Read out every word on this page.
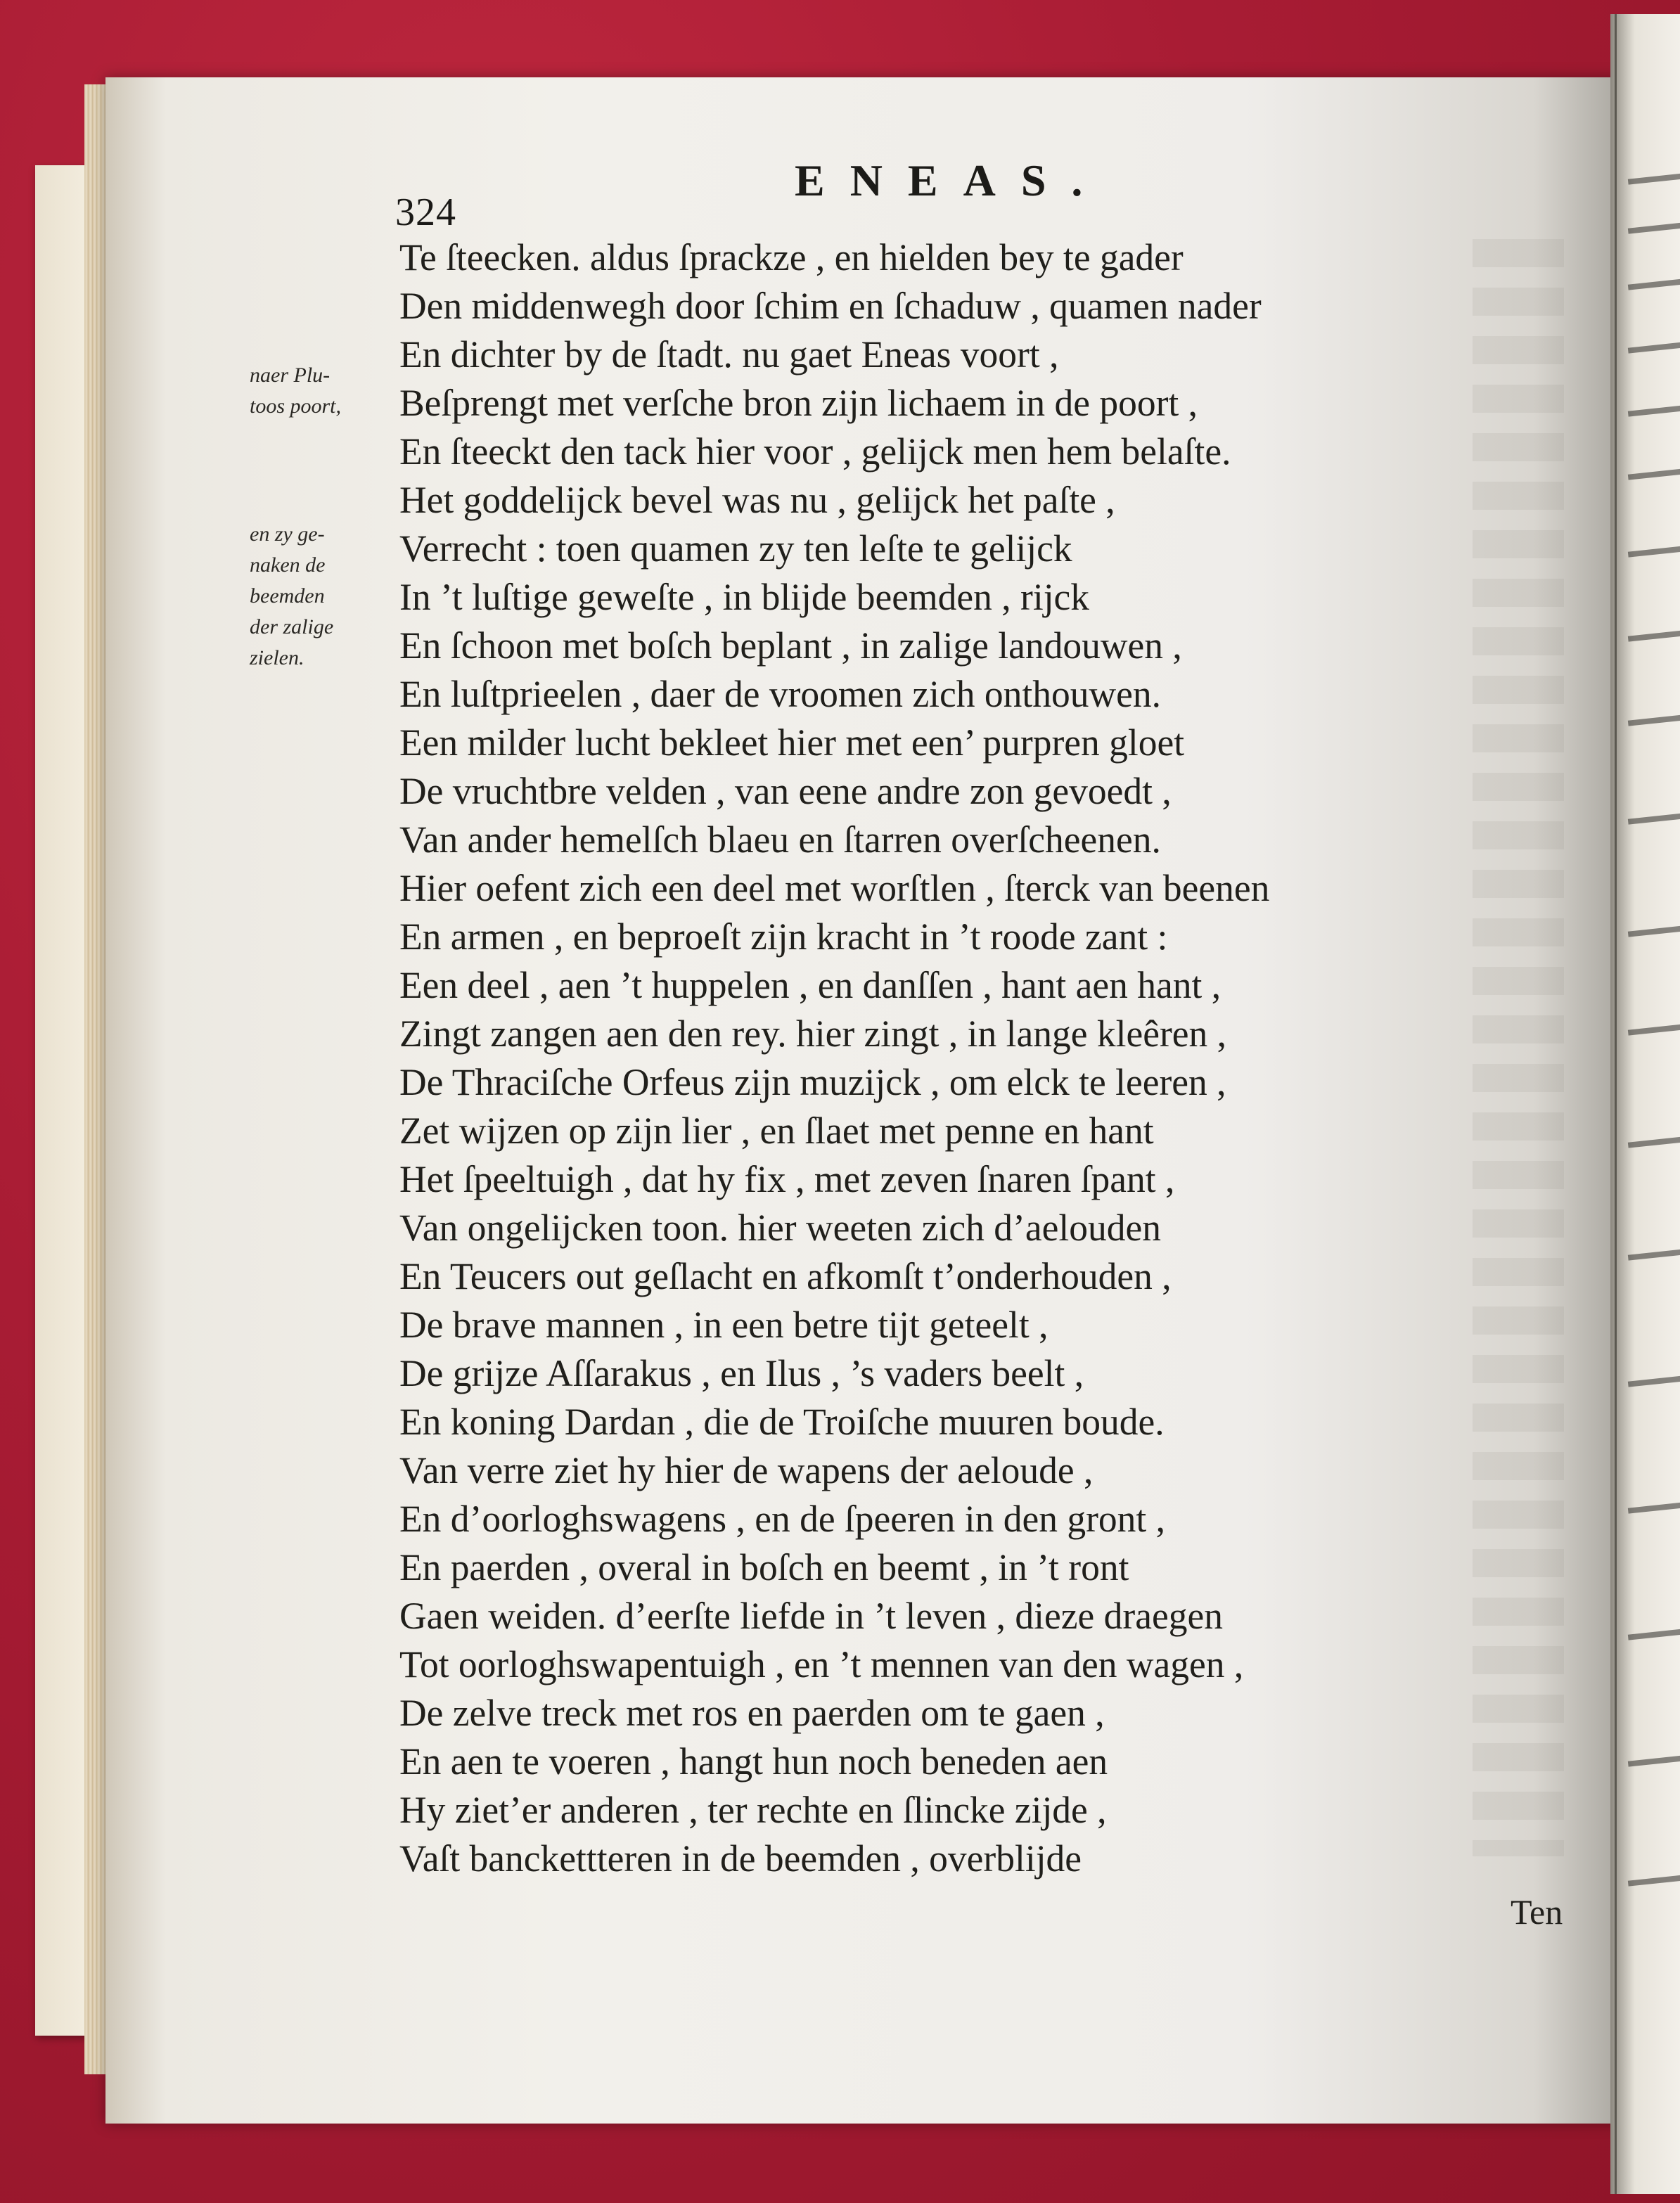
324
ENEAS.
naer Plu-
toos poort,
en zy ge-
naken de
beemden
der zalige
zielen.
Te ſteecken. aldus ſprackze , en hielden bey te gader
Den middenwegh door ſchim en ſchaduw , quamen nader
En dichter by de ſtadt. nu gaet Eneas voort ,
Beſprengt met verſche bron zijn lichaem in de poort ,
En ſteeckt den tack hier voor , gelijck men hem belaſte.
Het goddelijck bevel was nu , gelijck het paſte ,
Verrecht : toen quamen zy ten leſte te gelijck
In ’t luſtige geweſte , in blijde beemden , rijck
En ſchoon met boſch beplant , in zalige landouwen ,
En luſtprieelen , daer de vroomen zich onthouwen.
Een milder lucht bekleet hier met een’ purpren gloet
De vruchtbre velden , van eene andre zon gevoedt ,
Van ander hemelſch blaeu en ſtarren overſcheenen.
Hier oefent zich een deel met worſtlen , ſterck van beenen
En armen , en beproeſt zijn kracht in ’t roode zant :
Een deel , aen ’t huppelen , en danſſen , hant aen hant ,
Zingt zangen aen den rey. hier zingt , in lange kleêren ,
De Thraciſche Orfeus zijn muzijck , om elck te leeren ,
Zet wijzen op zijn lier , en ſlaet met penne en hant
Het ſpeeltuigh , dat hy fix , met zeven ſnaren ſpant ,
Van ongelijcken toon. hier weeten zich d’aelouden
En Teucers out geſlacht en afkomſt t’onderhouden ,
De brave mannen , in een betre tijt geteelt ,
De grijze Aſſarakus , en Ilus , ’s vaders beelt ,
En koning Dardan , die de Troiſche muuren boude.
Van verre ziet hy hier de wapens der aeloude ,
En d’oorloghswagens , en de ſpeeren in den gront ,
En paerden , overal in boſch en beemt , in ’t ront
Gaen weiden. d’eerſte liefde in ’t leven , dieze draegen
Tot oorloghswapentuigh , en ’t mennen van den wagen ,
De zelve treck met ros en paerden om te gaen ,
En aen te voeren , hangt hun noch beneden aen
Hy ziet’er anderen , ter rechte en ſlincke zijde ,
Vaſt banckettteren in de beemden , overblijde
Ten
